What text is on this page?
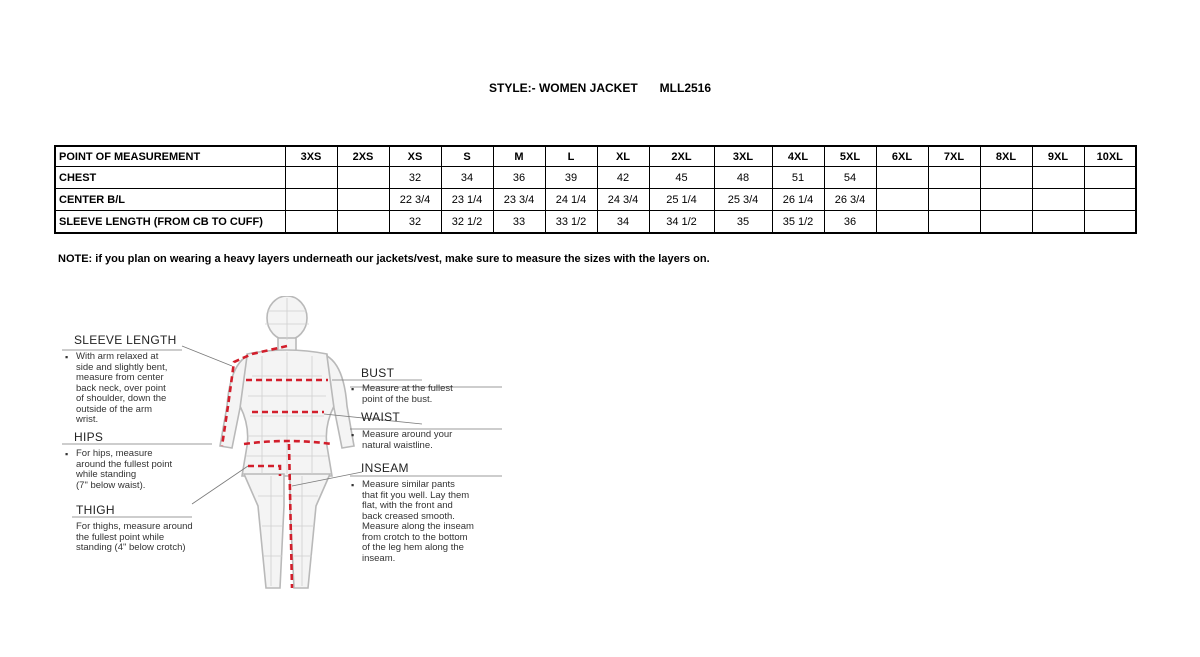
STYLE:- WOMEN JACKET MLL2516
POINT OF MEASUREMENT	3XS	2XS	XS	S	M	L	XL	2XL	3XL	4XL	5XL	6XL	7XL	8XL	9XL	10XL
CHEST			32	34	36	39	42	45	48	51	54					
CENTER B/L			22 3/4	23 1/4	23 3/4	24 1/4	24 3/4	25 1/4	25 3/4	26 1/4	26 3/4					
SLEEVE LENGTH (FROM CB TO CUFF)			32	32 1/2	33	33 1/2	34	34 1/2	35	35 1/2	36					
NOTE: if you plan on wearing a heavy layers underneath our jackets/vest, make sure to measure the sizes with the layers on.
SLEEVE LENGTH
▪ With arm relaxed at
side and slightly bent,
measure from center
back neck, over point
of shoulder, down the
outside of the arm
wrist.
HIPS
▪ For hips, measure
around the fullest point
while standing
(7" below waist).
THIGH
For thighs, measure around
the fullest point while
standing (4" below crotch)
BUST
▪ Measure at the fullest
point of the bust.
WAIST
▪ Measure around your
natural waistline.
INSEAM
▪ Measure similar pants
that fit you well. Lay them
flat, with the front and
back creased smooth.
Measure along the inseam
from crotch to the bottom
of the leg hem along the
inseam.
